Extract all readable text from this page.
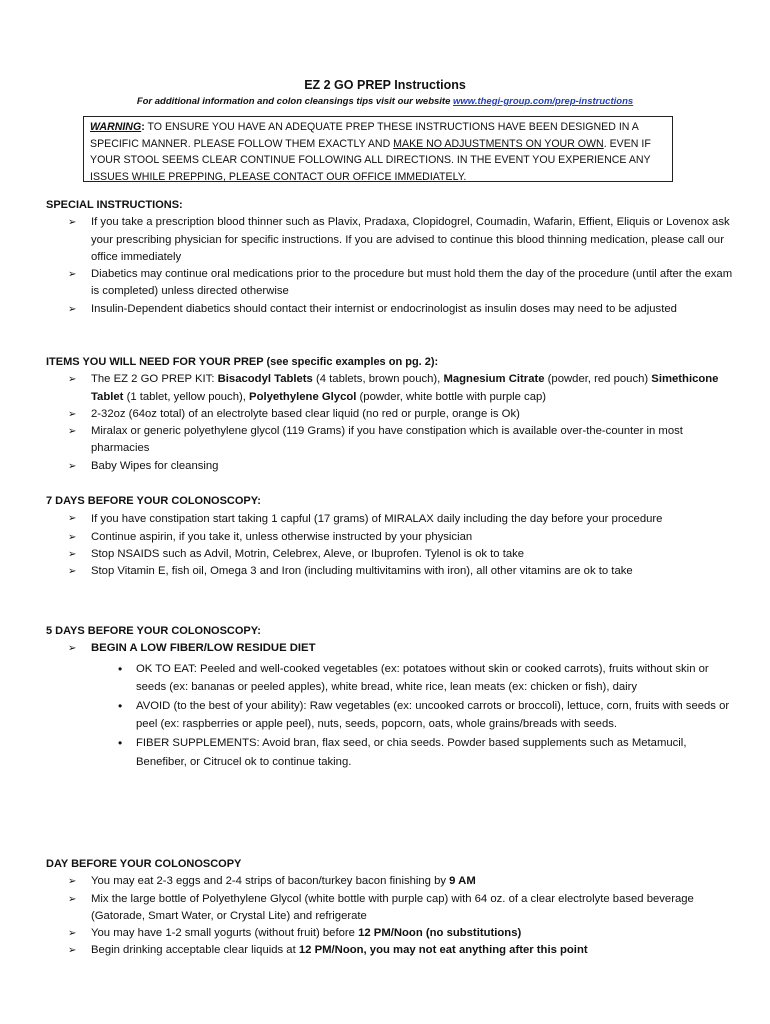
EZ 2 GO PREP Instructions
For additional information and colon cleansings tips visit our website www.thegi-group.com/prep-instructions
WARNING: TO ENSURE YOU HAVE AN ADEQUATE PREP THESE INSTRUCTIONS HAVE BEEN DESIGNED IN A SPECIFIC MANNER. PLEASE FOLLOW THEM EXACTLY AND MAKE NO ADJUSTMENTS ON YOUR OWN. EVEN IF YOUR STOOL SEEMS CLEAR CONTINUE FOLLOWING ALL DIRECTIONS. IN THE EVENT YOU EXPERIENCE ANY ISSUES WHILE PREPPING, PLEASE CONTACT OUR OFFICE IMMEDIATELY.
SPECIAL INSTRUCTIONS:
➢ If you take a prescription blood thinner such as Plavix, Pradaxa, Clopidogrel, Coumadin, Wafarin, Effient, Eliquis or Lovenox ask your prescribing physician for specific instructions. If you are advised to continue this blood thinning medication, please call our office immediately
➢ Diabetics may continue oral medications prior to the procedure but must hold them the day of the procedure (until after the exam is completed) unless directed otherwise
➢ Insulin-Dependent diabetics should contact their internist or endocrinologist as insulin doses may need to be adjusted
ITEMS YOU WILL NEED FOR YOUR PREP (see specific examples on pg. 2):
➢ The EZ 2 GO PREP KIT: Bisacodyl Tablets (4 tablets, brown pouch), Magnesium Citrate (powder, red pouch) Simethicone Tablet (1 tablet, yellow pouch), Polyethylene Glycol (powder, white bottle with purple cap)
➢ 2-32oz (64oz total) of an electrolyte based clear liquid (no red or purple, orange is Ok)
➢ Miralax or generic polyethylene glycol (119 Grams) if you have constipation which is available over-the-counter in most pharmacies
➢ Baby Wipes for cleansing
7 DAYS BEFORE YOUR COLONOSCOPY:
➢ If you have constipation start taking 1 capful (17 grams) of MIRALAX daily including the day before your procedure
➢ Continue aspirin, if you take it, unless otherwise instructed by your physician
➢ Stop NSAIDS such as Advil, Motrin, Celebrex, Aleve, or Ibuprofen. Tylenol is ok to take
➢ Stop Vitamin E, fish oil, Omega 3 and Iron (including multivitamins with iron), all other vitamins are ok to take
5 DAYS BEFORE YOUR COLONOSCOPY:
➢ BEGIN A LOW FIBER/LOW RESIDUE DIET
• OK TO EAT: Peeled and well-cooked vegetables (ex: potatoes without skin or cooked carrots), fruits without skin or seeds (ex: bananas or peeled apples), white bread, white rice, lean meats (ex: chicken or fish), dairy
• AVOID (to the best of your ability): Raw vegetables (ex: uncooked carrots or broccoli), lettuce, corn, fruits with seeds or peel (ex: raspberries or apple peel), nuts, seeds, popcorn, oats, whole grains/breads with seeds.
• FIBER SUPPLEMENTS: Avoid bran, flax seed, or chia seeds. Powder based supplements such as Metamucil, Benefiber, or Citrucel ok to continue taking.
DAY BEFORE YOUR COLONOSCOPY
➢ You may eat 2-3 eggs and 2-4 strips of bacon/turkey bacon finishing by 9 AM
➢ Mix the large bottle of Polyethylene Glycol (white bottle with purple cap) with 64 oz. of a clear electrolyte based beverage (Gatorade, Smart Water, or Crystal Lite) and refrigerate
➢ You may have 1-2 small yogurts (without fruit) before 12 PM/Noon (no substitutions)
➢ Begin drinking acceptable clear liquids at 12 PM/Noon, you may not eat anything after this point
